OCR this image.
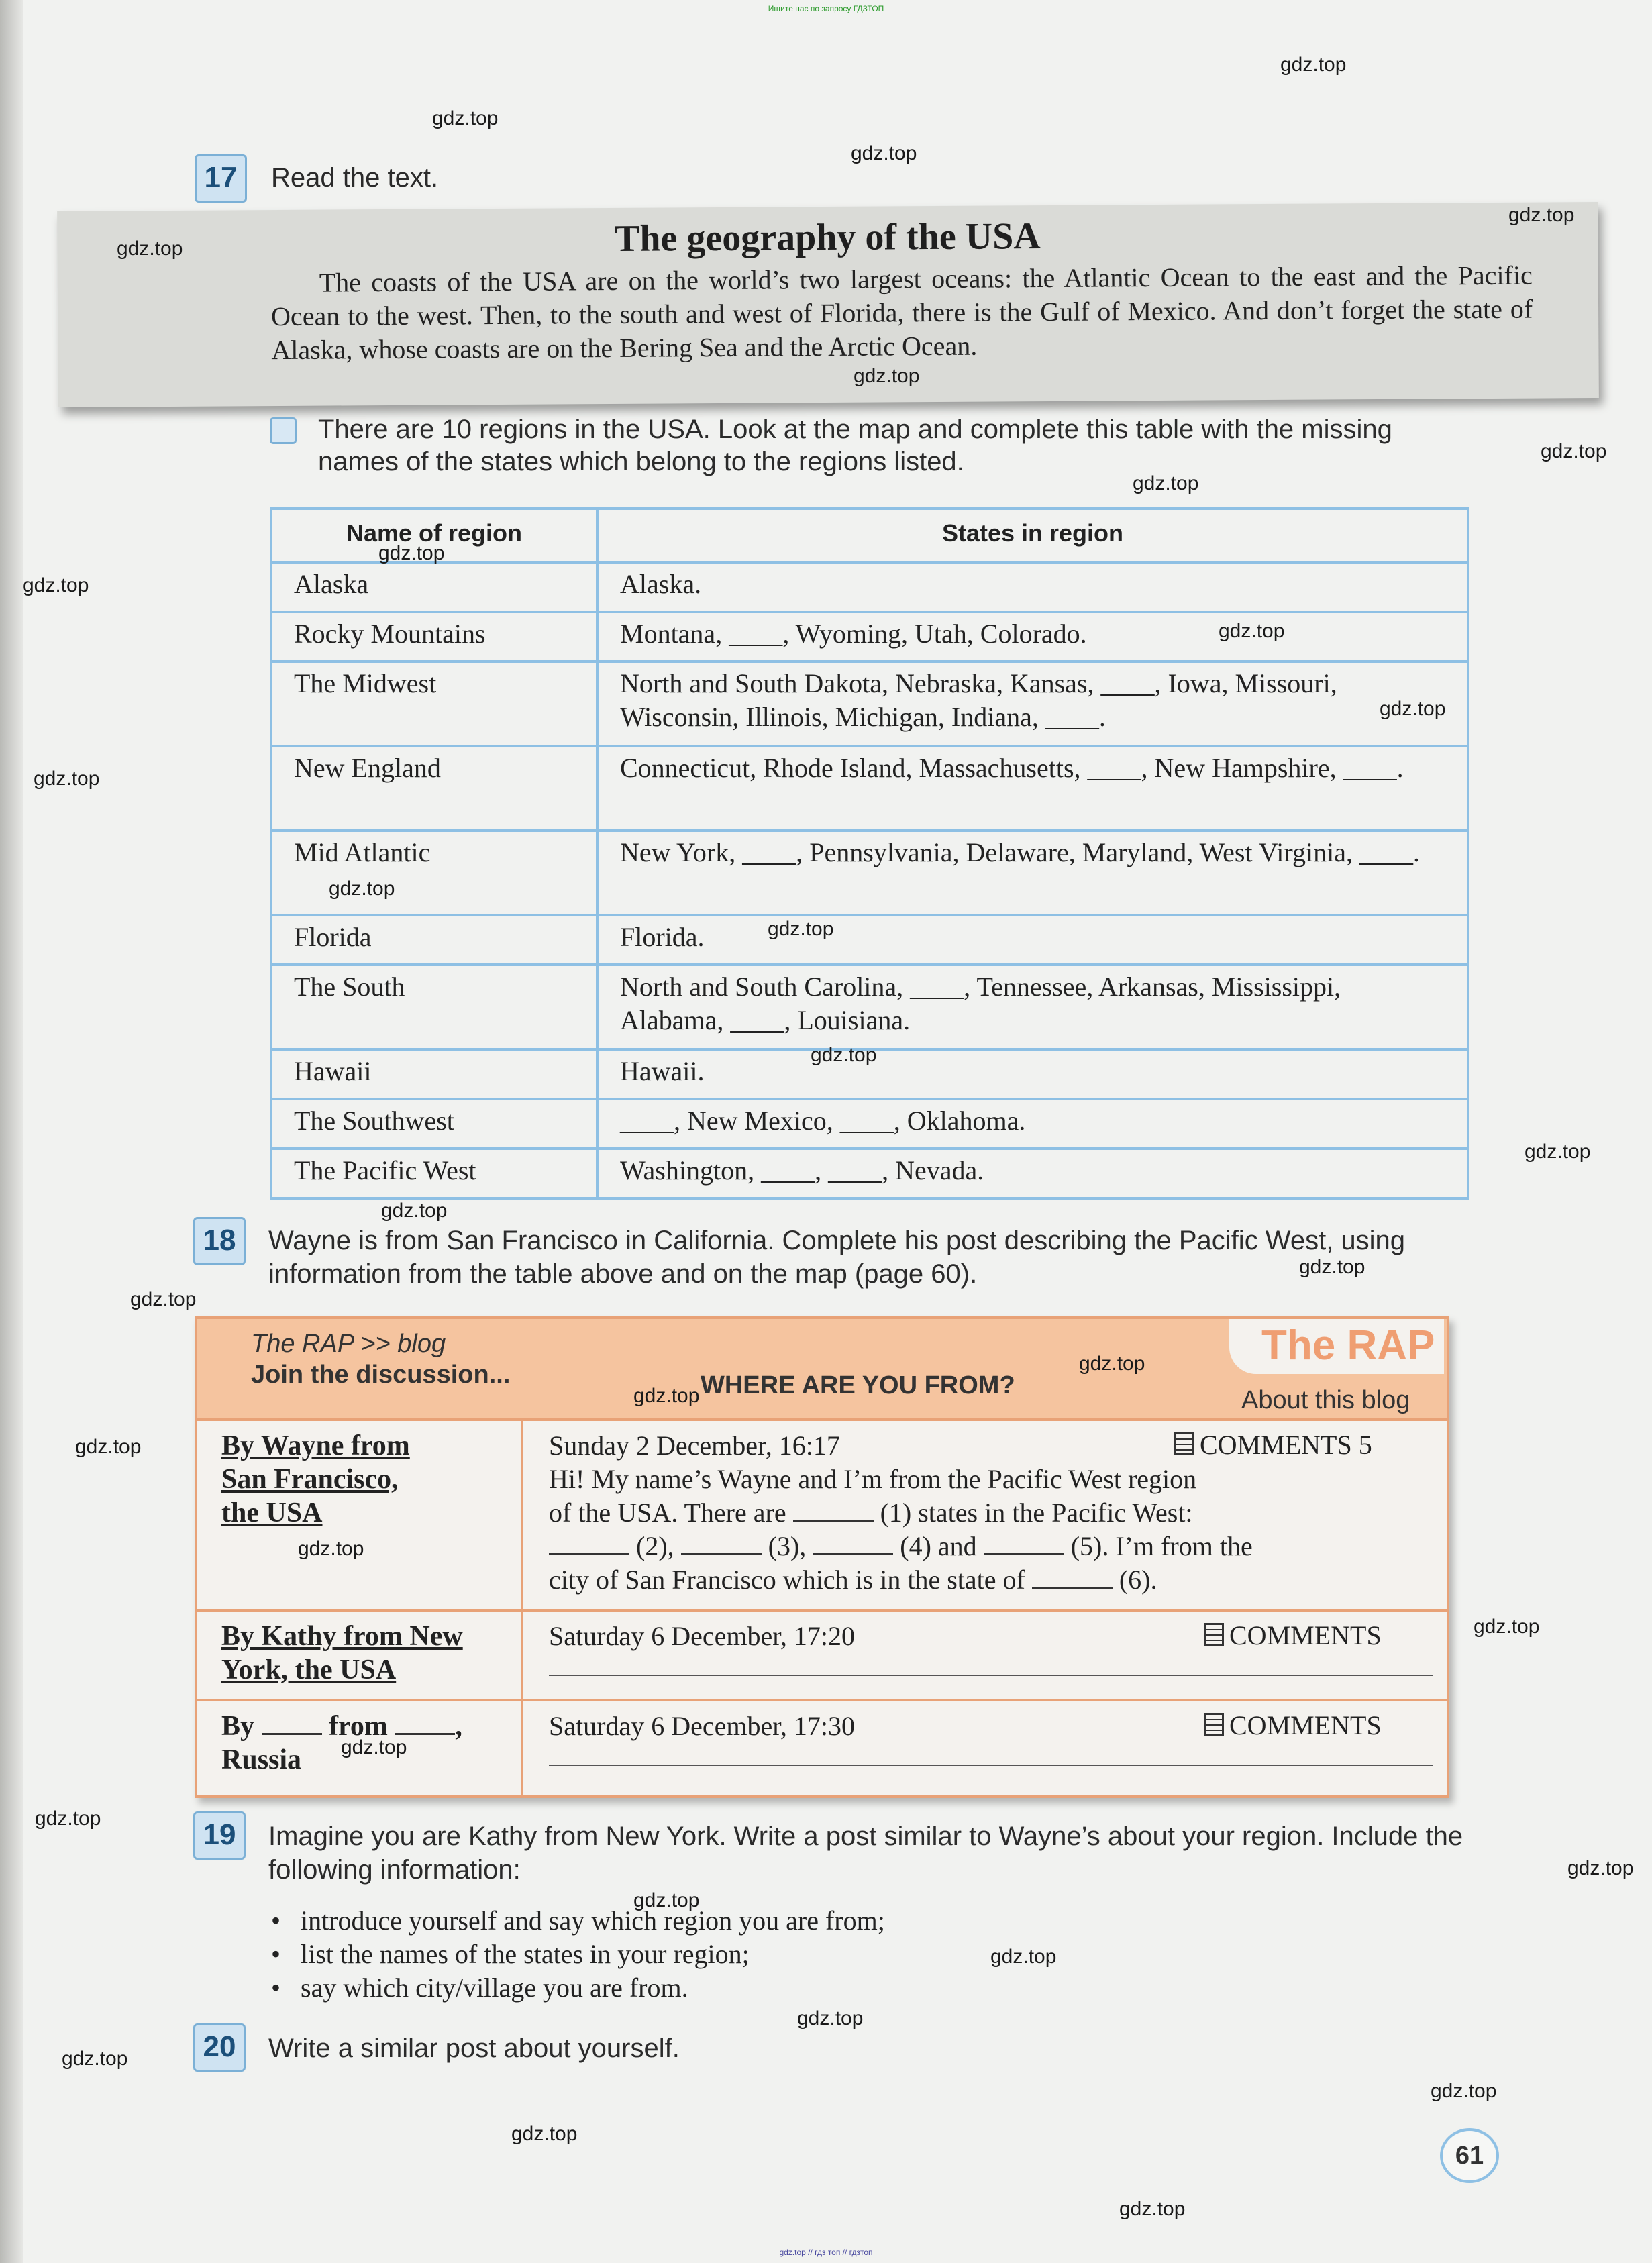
Ищите нас по запросу ГДЗТОП
17	Read the text.
The geography of the USA
The coasts of the USA are on the world’s two largest oceans: the Atlantic Ocean to the east and the Pacific Ocean to the west. Then, to the south and west of Florida, there is the Gulf of Mexico. And don’t forget the state of Alaska, whose coasts are on the Bering Sea and the Arctic Ocean.
There are 10 regions in the USA. Look at the map and complete this table with the missing names of the states which belong to the regions listed.
Name of region	States in region
Alaska	Alaska.
Rocky Mountains	Montana, ____, Wyoming, Utah, Colorado.
The Midwest	North and South Dakota, Nebraska, Kansas, ____, Iowa, Missouri, Wisconsin, Illinois, Michigan, Indiana, ____.
New England	Connecticut, Rhode Island, Massachusetts, ____, New Hampshire, ____.
Mid Atlantic	New York, ____, Pennsylvania, Delaware, Maryland, West Virginia, ____.
Florida	Florida.
The South	North and South Carolina, ____, Tennessee, Arkansas, Mississippi, Alabama, ____, Louisiana.
Hawaii	Hawaii.
The Southwest	____, New Mexico, ____, Oklahoma.
The Pacific West	Washington, ____, ____, Nevada.
18	Wayne is from San Francisco in California. Complete his post describing the Pacific West, using information from the table above and on the map (page 60).
The RAP >> blog
Join the discussion...	WHERE ARE YOU FROM?
The RAP
About this blog
By Wayne from
San Francisco,
the USA
Sunday 2 December, 16:17	COMMENTS 5
Hi! My name’s Wayne and I’m from the Pacific West region
of the USA. There are	(1) states in the Pacific West:
(2),	(3),	(4) and	(5). I’m from the
city of San Francisco which is in the state of	(6).
By Kathy from New
York, the USA
Saturday 6 December, 17:20	COMMENTS
By	from ,
Russia
Saturday 6 December, 17:30	COMMENTS
19	Imagine you are Kathy from New York. Write a post similar to Wayne’s about your region. Include the following information:
• introduce yourself and say which region you are from;
• list the names of the states in your region;
• say which city/village you are from.
20	Write a similar post about yourself.
61
gdz.top
gdz.top
gdz.top
gdz.top
gdz.top
gdz.top
gdz.top
gdz.top
gdz.top
gdz.top
gdz.top
gdz.top
gdz.top
gdz.top
gdz.top
gdz.top
gdz.top
gdz.top
gdz.top
gdz.top
gdz.top
gdz.top
gdz.top
gdz.top
gdz.top
gdz.top
gdz.top
gdz.top
gdz.top
gdz.top
gdz.top
gdz.top
gdz.top
gdz.top
gdz.top
gdz.top // гдз топ // гдзтоп
